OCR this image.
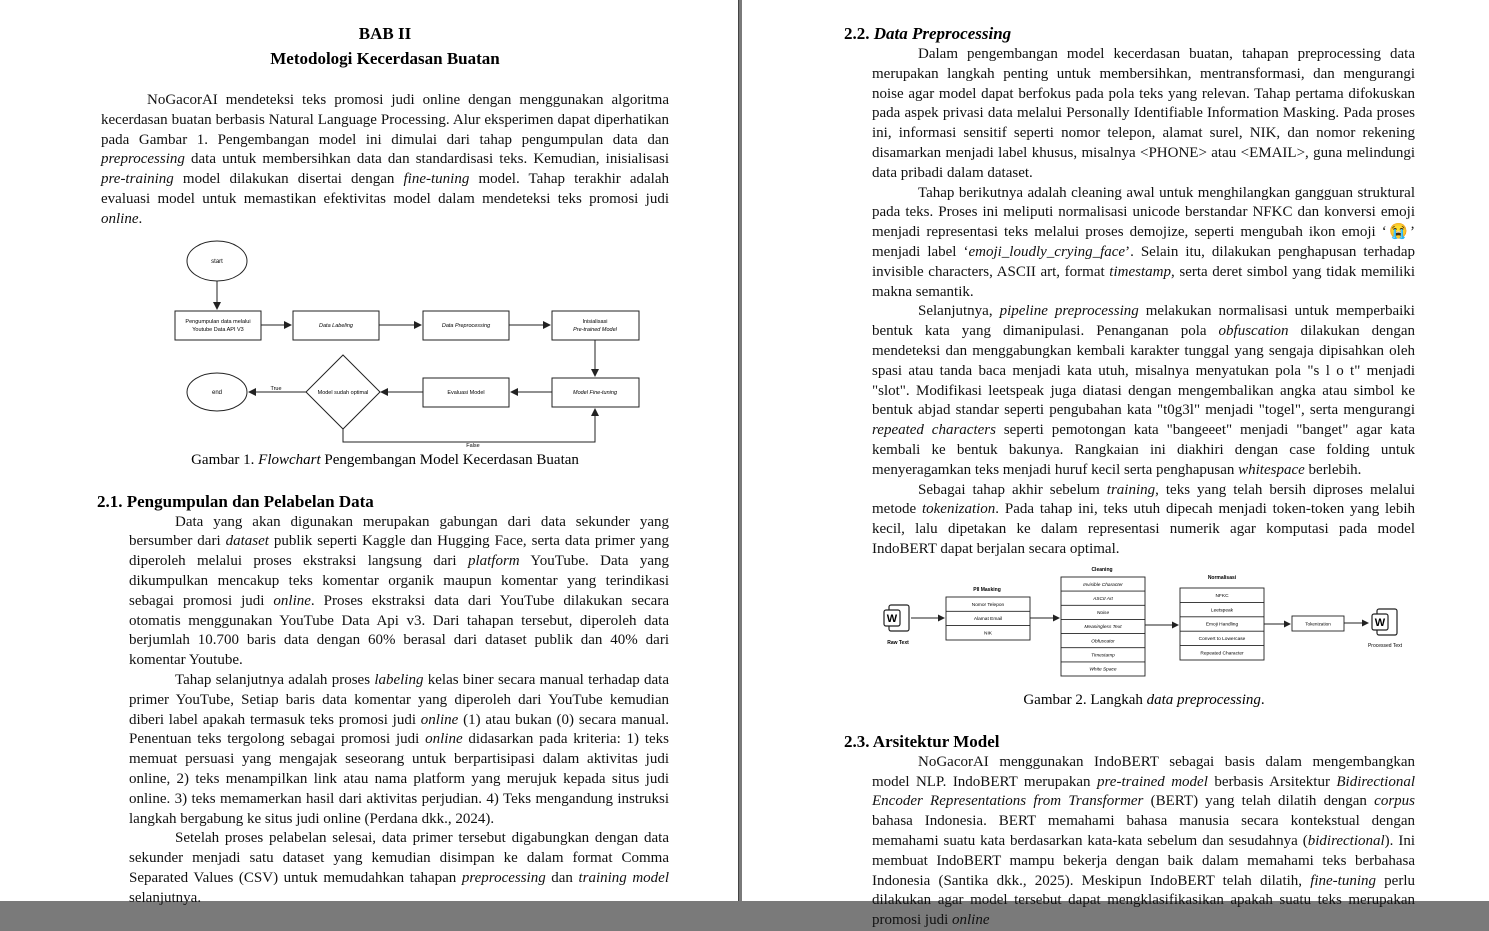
BAB II
Metodologi Kecerdasan Buatan

NoGacorAI mendeteksi teks promosi judi online dengan menggunakan algoritma kecerdasan buatan berbasis Natural Language Processing. Alur eksperimen dapat diperhatikan pada Gambar 1. Pengembangan model ini dimulai dari tahap pengumpulan data dan preprocessing data untuk membersihkan data dan standardisasi teks. Kemudian, inisialisasi pre-training model dilakukan disertai dengan fine-tuning model. Tahap terakhir adalah evaluasi model untuk memastikan efektivitas model dalam mendeteksi teks promosi judi online.

start
Pengumpulan data melalui
Youtube Data API V3
Data Labeling	Data Preprocessing
Inisialisasi
Pre-trained Model
Model Fine-tuning
Evaluasi Model
Model sudah optimal
True
end
False

Gambar 1. Flowchart Pengembangan Model Kecerdasan Buatan

2.1. Pengumpulan dan Pelabelan Data

Data yang akan digunakan merupakan gabungan dari data sekunder yang bersumber dari dataset publik seperti Kaggle dan Hugging Face, serta data primer yang diperoleh melalui proses ekstraksi langsung dari platform YouTube. Data yang dikumpulkan mencakup teks komentar organik maupun komentar yang terindikasi sebagai promosi judi online. Proses ekstraksi data dari YouTube dilakukan secara otomatis menggunakan YouTube Data Api v3. Dari tahapan tersebut, diperoleh data berjumlah 10.700 baris data dengan 60% berasal dari dataset publik dan 40% dari komentar Youtube.

Tahap selanjutnya adalah proses labeling kelas biner secara manual terhadap data primer YouTube, Setiap baris data komentar yang diperoleh dari YouTube kemudian diberi label apakah termasuk teks promosi judi online (1) atau bukan (0) secara manual. Penentuan teks tergolong sebagai promosi judi online didasarkan pada kriteria: 1) teks memuat persuasi yang mengajak seseorang untuk berpartisipasi dalam aktivitas judi online, 2) teks menampilkan link atau nama platform yang merujuk kepada situs judi online. 3) teks memamerkan hasil dari aktivitas perjudian. 4) Teks mengandung instruksi langkah bergabung ke situs judi online (Perdana dkk., 2024).

Setelah proses pelabelan selesai, data primer tersebut digabungkan dengan data sekunder menjadi satu dataset yang kemudian disimpan ke dalam format Comma Separated Values (CSV) untuk memudahkan tahapan preprocessing dan training model selanjutnya.

2.2. Data Preprocessing

Dalam pengembangan model kecerdasan buatan, tahapan preprocessing data merupakan langkah penting untuk membersihkan, mentransformasi, dan mengurangi noise agar model dapat berfokus pada pola teks yang relevan. Tahap pertama difokuskan pada aspek privasi data melalui Personally Identifiable Information Masking. Pada proses ini, informasi sensitif seperti nomor telepon, alamat surel, NIK, dan nomor rekening disamarkan menjadi label khusus, misalnya <PHONE> atau <EMAIL>, guna melindungi data pribadi dalam dataset.

Tahap berikutnya adalah cleaning awal untuk menghilangkan gangguan struktural pada teks. Proses ini meliputi normalisasi unicode berstandar NFKC dan konversi emoji menjadi representasi teks melalui proses demojize, seperti mengubah ikon emoji ‘😭’ menjadi label ‘emoji_loudly_crying_face’. Selain itu, dilakukan penghapusan terhadap invisible characters, ASCII art, format timestamp, serta deret simbol yang tidak memiliki makna semantik.

Selanjutnya, pipeline preprocessing melakukan normalisasi untuk memperbaiki bentuk kata yang dimanipulasi. Penanganan pola obfuscation dilakukan dengan mendeteksi dan menggabungkan kembali karakter tunggal yang sengaja dipisahkan oleh spasi atau tanda baca menjadi kata utuh, misalnya menyatukan pola "s l o t" menjadi "slot". Modifikasi leetspeak juga diatasi dengan mengembalikan angka atau simbol ke bentuk abjad standar seperti pengubahan kata "t0g3l" menjadi "togel", serta mengurangi repeated characters seperti pemotongan kata "bangeeet" menjadi "banget" agar kata kembali ke bentuk bakunya. Rangkaian ini diakhiri dengan case folding untuk menyeragamkan teks menjadi huruf kecil serta penghapusan whitespace berlebih.

Sebagai tahap akhir sebelum training, teks yang telah bersih diproses melalui metode tokenization. Pada tahap ini, teks utuh dipecah menjadi token-token yang lebih kecil, lalu dipetakan ke dalam representasi numerik agar komputasi pada model IndoBERT dapat berjalan secara optimal.

W
Raw Text
PII Masking
Nomor Telepon
Alamat Email
NIK
Cleaning
Invisible Character
ASCII Art
Noise
Meaningless Text
Obfuscator
Timestamp
White Space
Normalisasi
NFKC
Leetspeak
Emoji Handling
Convert to Lowercase
Repeated Character
Tokenization	W
Processed Text

Gambar 2. Langkah data preprocessing.

2.3. Arsitektur Model

NoGacorAI menggunakan IndoBERT sebagai basis dalam mengembangkan model NLP. IndoBERT merupakan pre-trained model berbasis Arsitektur Bidirectional Encoder Representations from Transformer (BERT) yang telah dilatih dengan corpus bahasa Indonesia. BERT memahami bahasa manusia secara kontekstual dengan memahami suatu kata berdasarkan kata-kata sebelum dan sesudahnya (bidirectional). Ini membuat IndoBERT mampu bekerja dengan baik dalam memahami teks berbahasa Indonesia (Santika dkk., 2025). Meskipun IndoBERT telah dilatih, fine-tuning perlu dilakukan agar model tersebut dapat mengklasifikasikan apakah suatu teks merupakan promosi judi online
